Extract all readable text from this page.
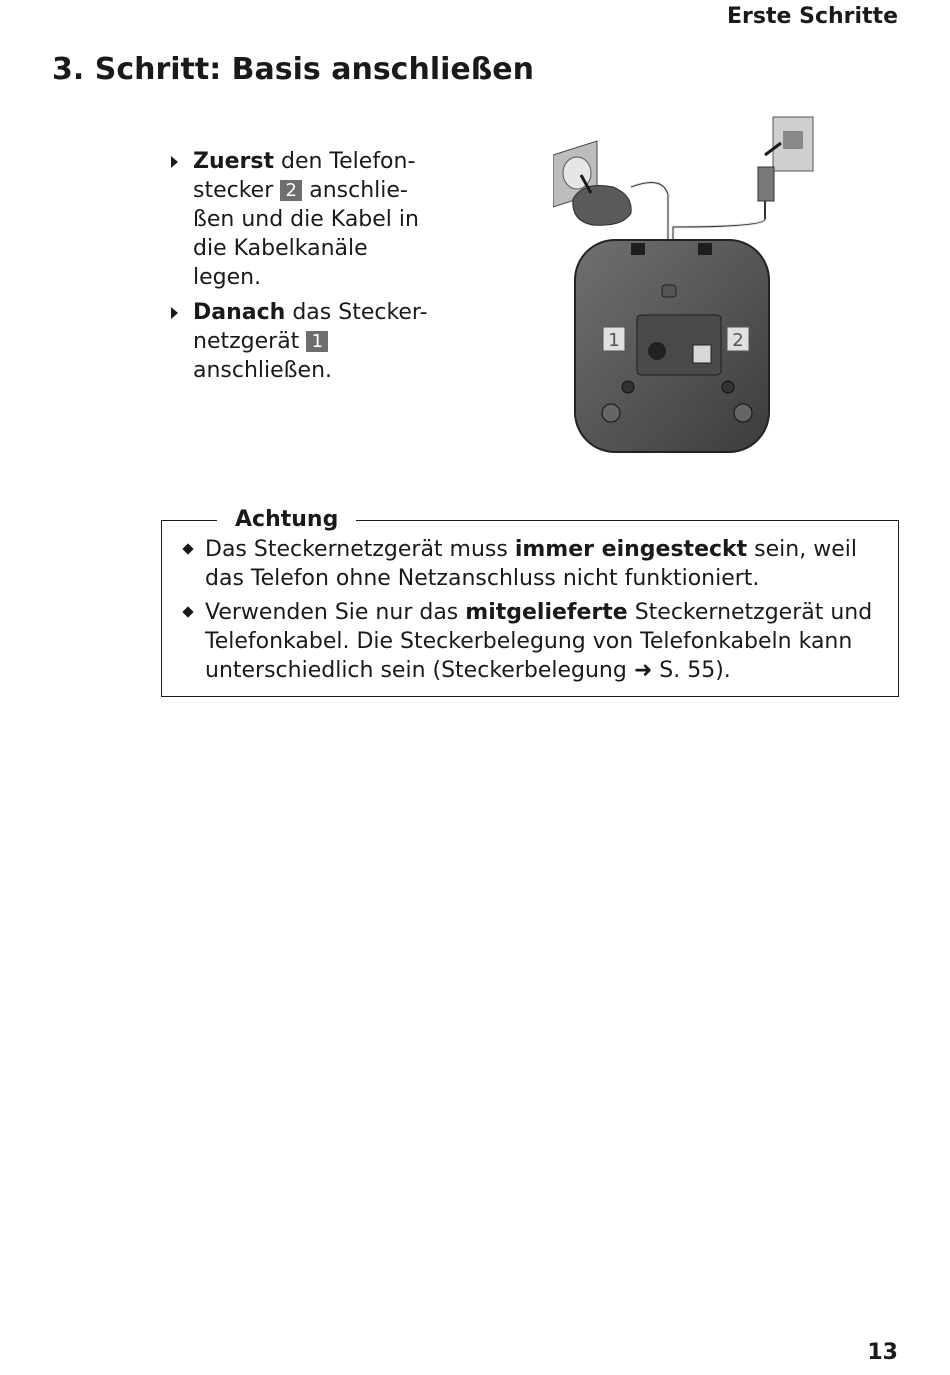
Erste Schritte
3. Schritt: Basis anschließen
Zuerst den Telefon-stecker 2 anschlie-ßen und die Kabel in die Kabelkanäle legen.
Danach das Stecker-netzgerät 1 anschließen.
1	2
Achtung
Das Steckernetzgerät muss immer eingesteckt sein, weil das Telefon ohne Netzanschluss nicht funktioniert.
Verwenden Sie nur das mitgelieferte Steckernetzgerät und Telefonkabel. Die Steckerbelegung von Telefonkabeln kann unterschiedlich sein (Steckerbelegung ➜ S. 55).
13
